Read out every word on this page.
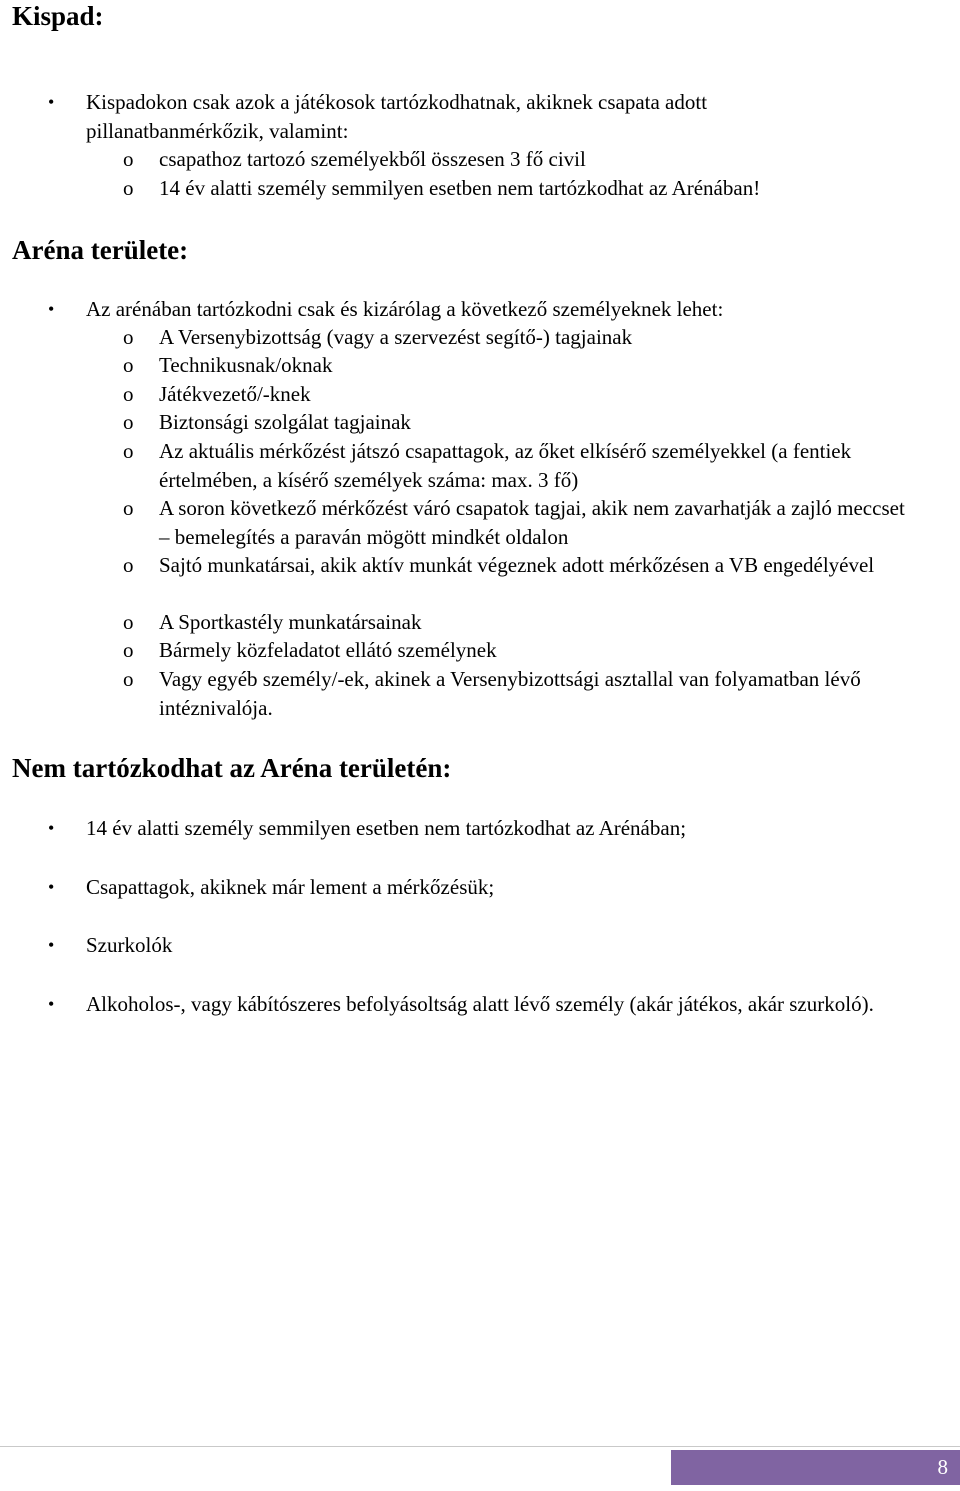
Kispad:
• Kispadokon csak azok a játékosok tartózkodhatnak, akiknek csapata adott pillanatbanmérkőzik, valamint:
o csapathoz tartozó személyekből összesen 3 fő civil
o 14 év alatti személy semmilyen esetben nem tartózkodhat az Arénában!
Aréna területe:
• Az arénában tartózkodni csak és kizárólag a következő személyeknek lehet:
o A Versenybizottság (vagy a szervezést segítő-) tagjainak
o Technikusnak/oknak
o Játékvezető/-knek
o Biztonsági szolgálat tagjainak
o Az aktuális mérkőzést játszó csapattagok, az őket elkísérő személyekkel (a fentiek értelmében, a kísérő személyek száma: max. 3 fő)
o A soron következő mérkőzést váró csapatok tagjai, akik nem zavarhatják a zajló meccset – bemelegítés a paraván mögött mindkét oldalon
o Sajtó munkatársai, akik aktív munkát végeznek adott mérkőzésen a VB engedélyével
o A Sportkastély munkatársainak
o Bármely közfeladatot ellátó személynek
o Vagy egyéb személy/-ek, akinek a Versenybizottsági asztallal van folyamatban lévő intéznivalója.
Nem tartózkodhat az Aréna területén:
• 14 év alatti személy semmilyen esetben nem tartózkodhat az Arénában;
• Csapattagok, akiknek már lement a mérkőzésük;
• Szurkolók
• Alkoholos-, vagy kábítószeres befolyásoltság alatt lévő személy (akár játékos, akár szurkoló).
8
